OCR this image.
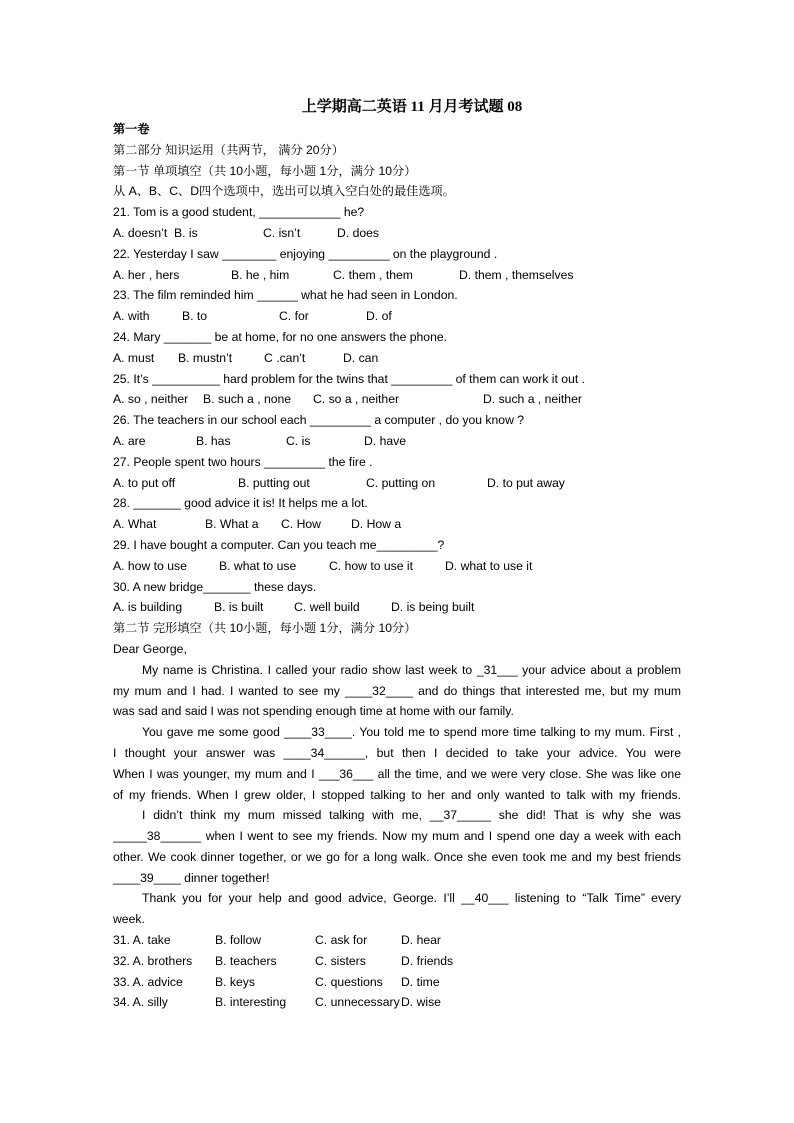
上学期高二英语 11 月月考试题 08
第一卷
第二部分 知识运用（共两节， 满分 20分）
第一节 单项填空（共 10小题，每小题 1分，满分 10分）
从 A、B、C、D四个选项中，选出可以填入空白处的最佳选项。
21. Tom is a good student, ____________ he?
A. doesn’t B. is	C. isn’t	D. does
22. Yesterday I saw ________ enjoying _________ on the playground .
A. her , hers	B. he , him	C. them , them	D. them , themselves
23. The film reminded him ______ what he had seen in London.
A. with	B. to	C. for	D. of
24. Mary _______ be at home, for no one answers the phone.
A. must	B. mustn’t	C .can’t	D. can
25. It’s __________ hard problem for the twins that _________ of them can work it out .
A. so , neither	B. such a , none	C. so a , neither	D. such a , neither
26. The teachers in our school each _________ a computer , do you know ?
A. are	B. has	C. is	D. have
27. People spent two hours _________ the fire .
A. to put off	B. putting out	C. putting on	D. to put away
28. _______ good advice it is! It helps me a lot.
A. What	B. What a	C. How	D. How a
29. I have bought a computer. Can you teach me_________?
A. how to use	B. what to use	C. how to use it	D. what to use it
30. A new bridge_______ these days.
A. is building	B. is built	C. well build	D. is being built
第二节 完形填空（共 10小题，每小题 1分，满分 10分）
Dear George,
My name is Christina. I called your radio show last week to _31___ your advice about a problem
my mum and I had. I wanted to see my ____32____ and do things that interested me, but my mum
was sad and said I was not spending enough time at home with our family.
You gave me some good ____33____. You told me to spend more time talking to my mum. First ,
I thought your answer was ____34______, but then I decided to take your advice. You were
When I was younger, my mum and I ___36___ all the time, and we were very close. She was like one
of my friends. When I grew older, I stopped talking to her and only wanted to talk with my friends.
I didn’t think my mum missed talking with me, __37_____ she did! That is why she was
_____38______ when I went to see my friends. Now my mum and I spend one day a week with each
other. We cook dinner together, or we go for a long walk. Once she even took me and my best friends
____39____ dinner together!
Thank you for your help and good advice, George. I’ll __40___ listening to “Talk Time” every
week.
31. A. take	B. follow	C. ask for	D. hear
32. A. brothers	B. teachers	C. sisters	D. friends
33. A. advice	B. keys	C. questions	D. time
34. A. silly	B. interesting	C. unnecessary D. wise
